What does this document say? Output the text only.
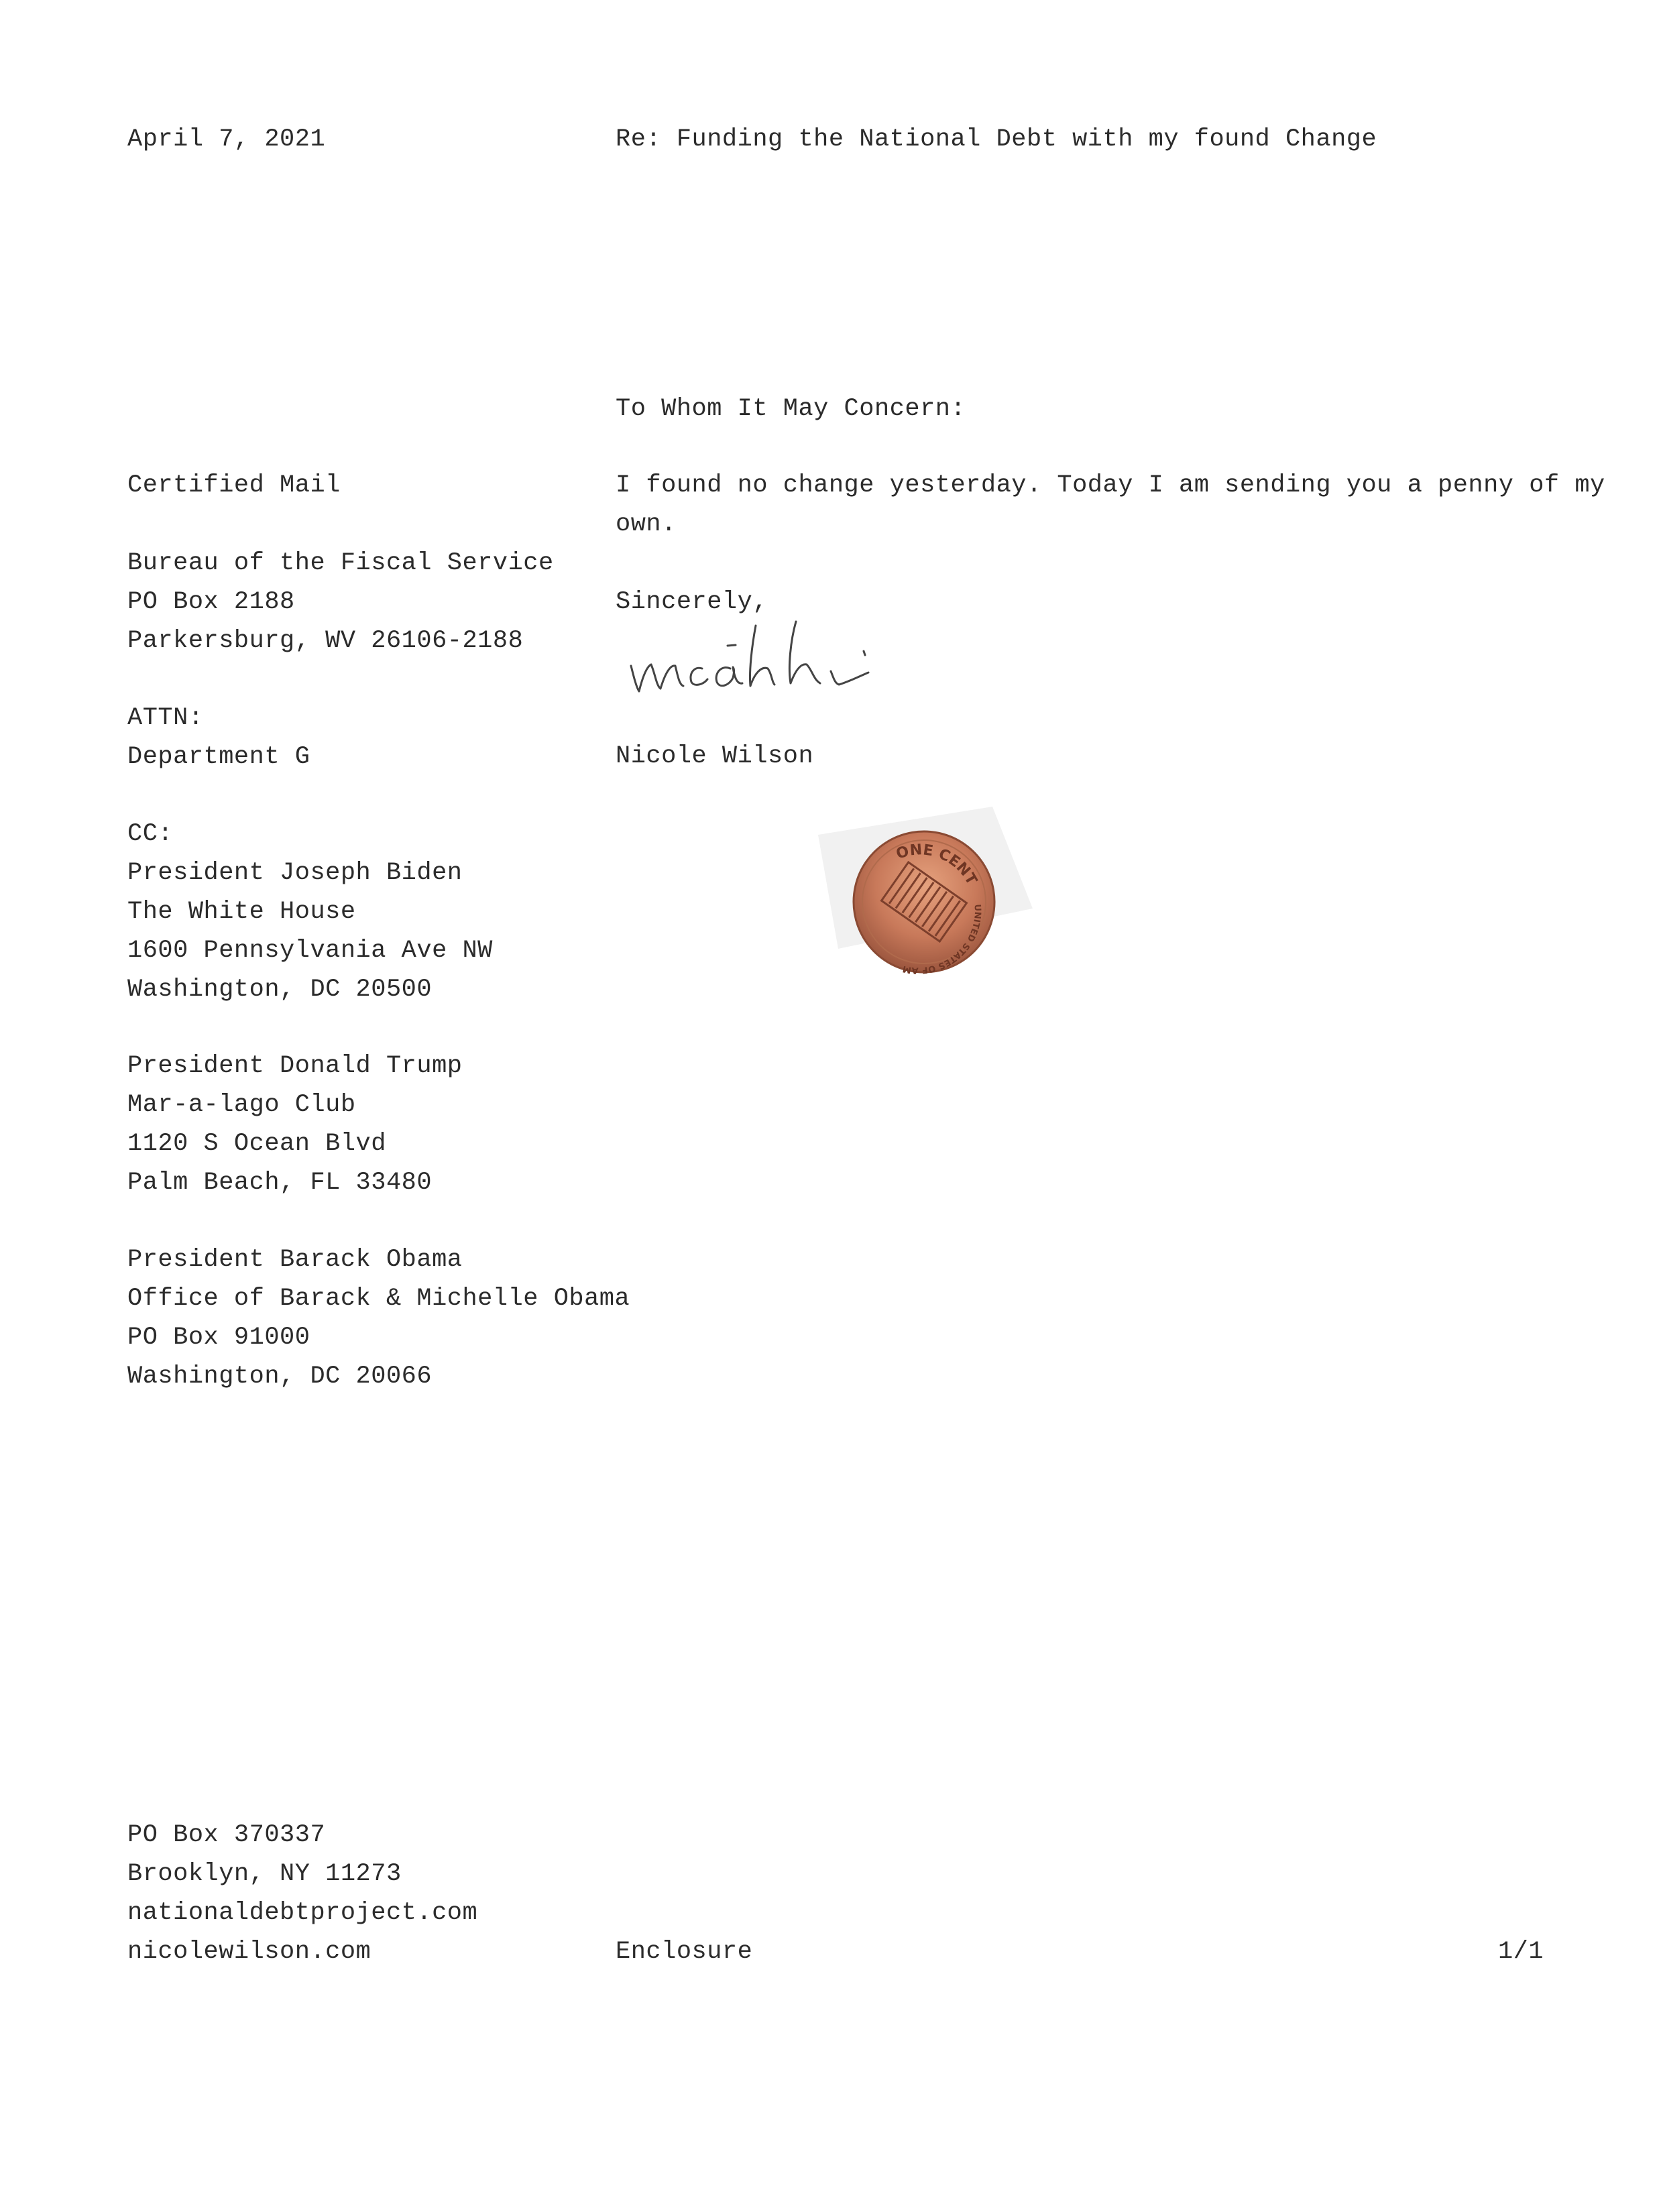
April 7, 2021	Re: Funding the National Debt with my found Change
To Whom It May Concern:
Certified Mail
Bureau of the Fiscal Service
PO Box 2188
Parkersburg, WV 26106-2188
ATTN:
Department G
CC:
President Joseph Biden
The White House
1600 Pennsylvania Ave NW
Washington, DC 20500
President Donald Trump
Mar-a-lago Club
1120 S Ocean Blvd
Palm Beach, FL 33480
President Barack Obama
Office of Barack & Michelle Obama
PO Box 91000
Washington, DC 20066
I found no change yesterday. Today I am sending you a penny of my
own.
Sincerely,
Nicole Wilson
ONE CENT
UNITED STATES OF AMERICA
PO Box 370337
Brooklyn, NY 11273
nationaldebtproject.com
nicolewilson.com	Enclosure	1/1
